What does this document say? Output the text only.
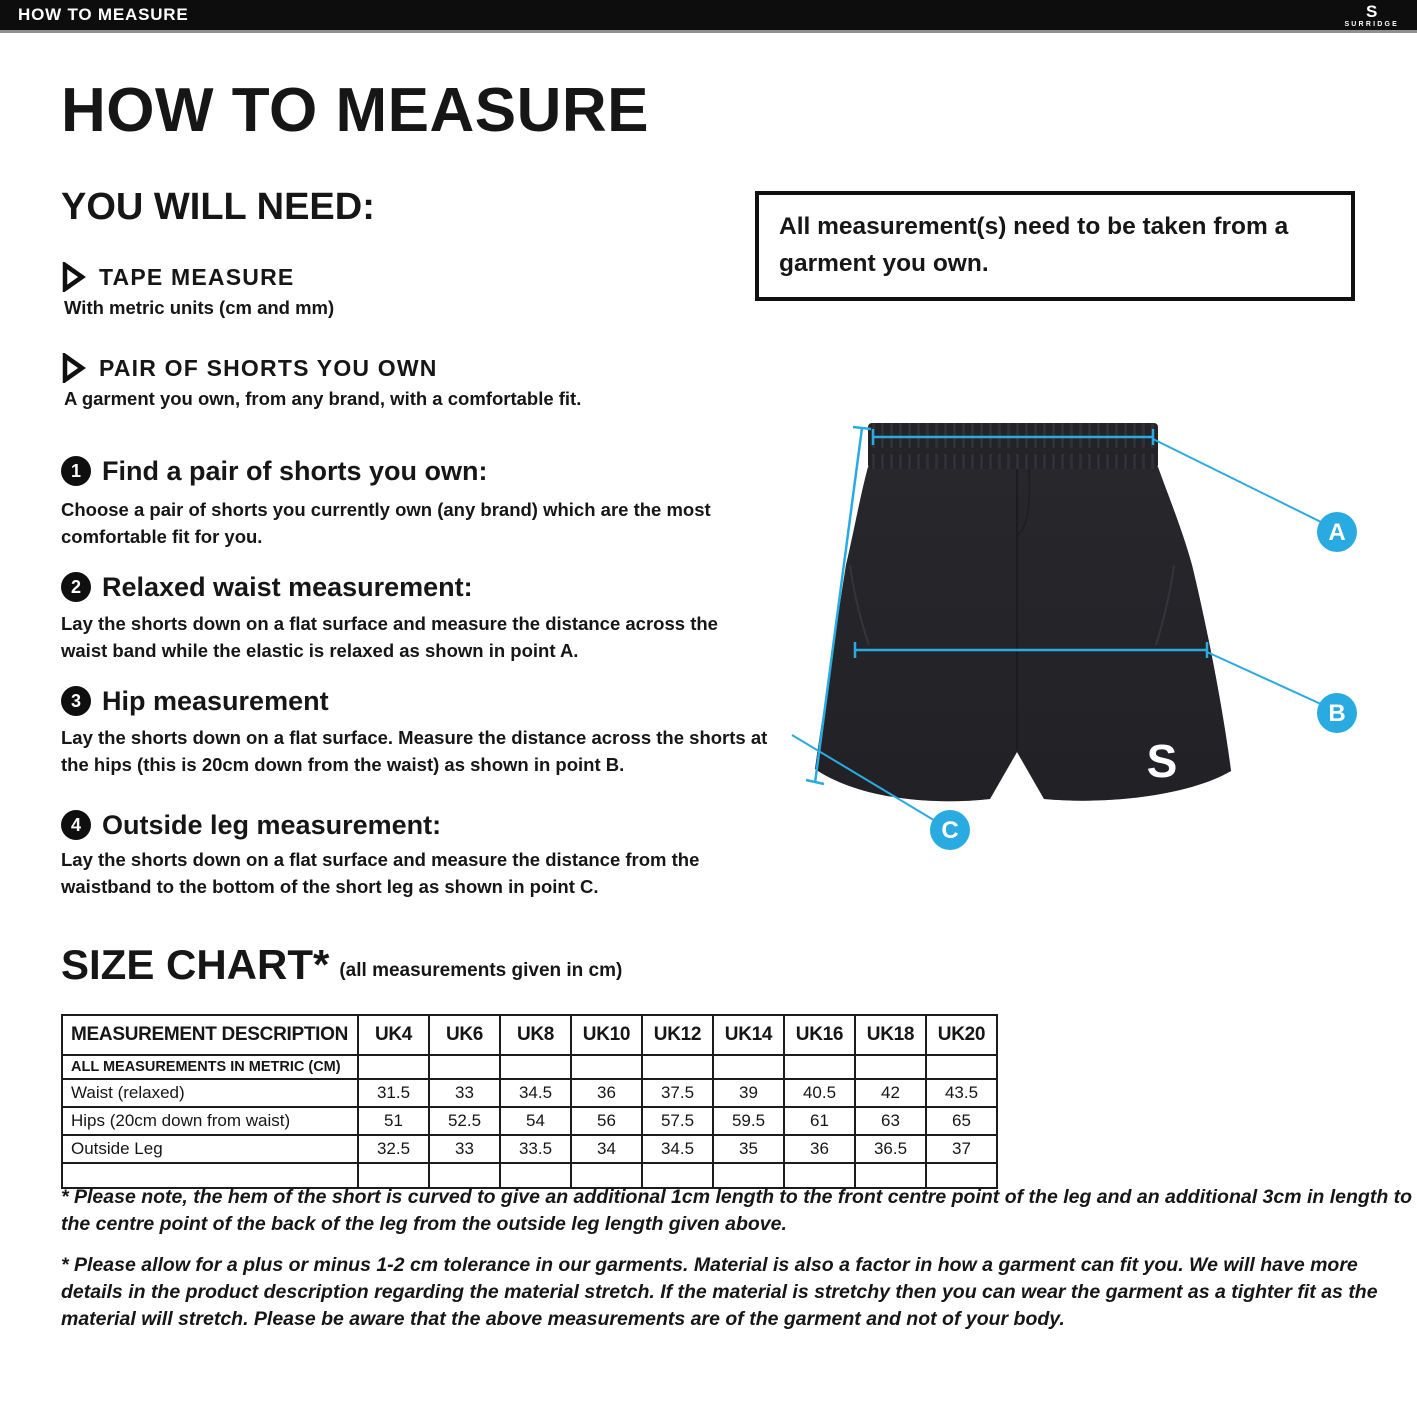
HOW TO MEASURE	S
SURRIDGE
HOW TO MEASURE
YOU WILL NEED:
TAPE MEASURE
With metric units (cm and mm)
PAIR OF SHORTS YOU OWN
A garment you own, from any brand, with a comfortable fit.
All measurement(s) need to be taken from a garment you own.
1 Find a pair of shorts you own:
Choose a pair of shorts you currently own (any brand) which are the most comfortable fit for you.
2 Relaxed waist measurement:
Lay the shorts down on a flat surface and measure the distance across the waist band while the elastic is relaxed as shown in point A.
3 Hip measurement
Lay the shorts down on a flat surface. Measure the distance across the shorts at the hips (this is 20cm down from the waist) as shown in point B.
4 Outside leg measurement:
Lay the shorts down on a flat surface and measure the distance from the waistband to the bottom of the short leg as shown in point C.
S
A
B
C
SIZE CHART* (all measurements given in cm)
MEASUREMENT DESCRIPTION	UK4	UK6	UK8	UK10	UK12	UK14	UK16	UK18	UK20
ALL MEASUREMENTS IN METRIC (CM)									
Waist (relaxed)	31.5	33	34.5	36	37.5	39	40.5	42	43.5
Hips (20cm down from waist)	51	52.5	54	56	57.5	59.5	61	63	65
Outside Leg	32.5	33	33.5	34	34.5	35	36	36.5	37

* Please note, the hem of the short is curved to give an additional 1cm length to the front centre point of the leg and an additional 3cm in length to the centre point of the back of the leg from the outside leg length given above.

* Please allow for a plus or minus 1-2 cm tolerance in our garments. Material is also a factor in how a garment can fit you. We will have more details in the product description regarding the material stretch. If the material is stretchy then you can wear the garment as a tighter fit as the material will stretch. Please be aware that the above measurements are of the garment and not of your body.
